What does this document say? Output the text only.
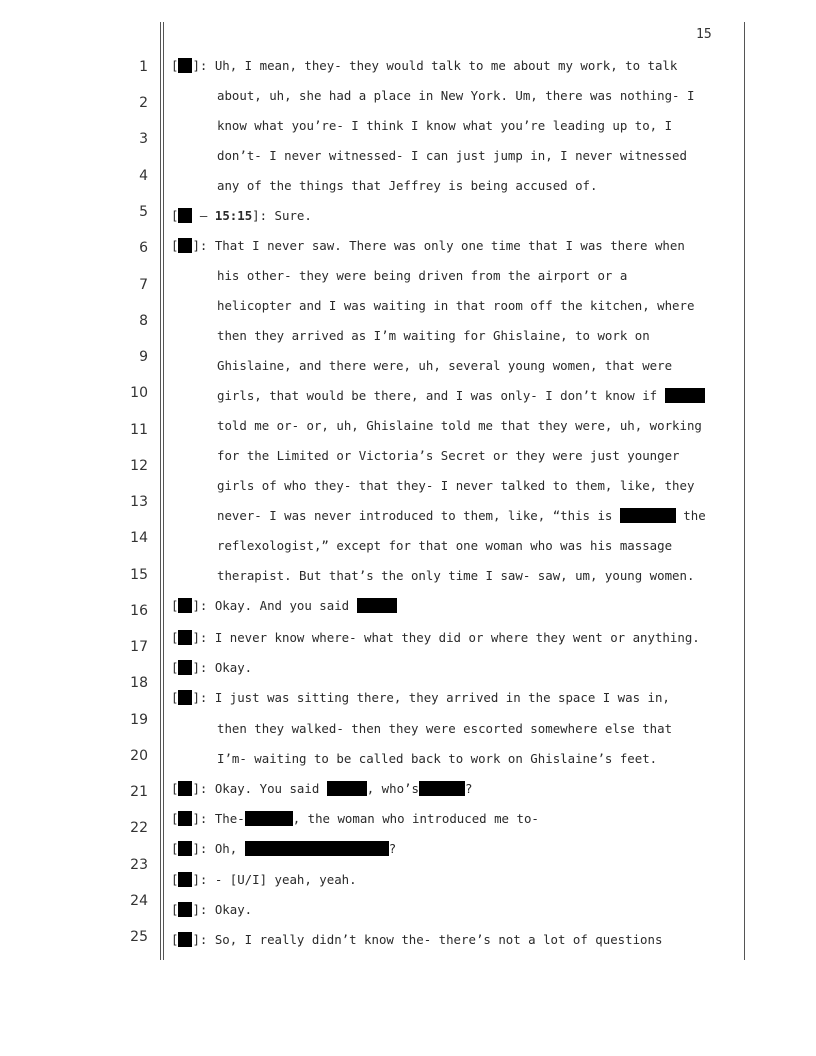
15
1
2
3
4
5
6
7
8
9
10
11
12
13
14
15
16
17
18
19
20
21
22
23
24
25
[ ]: Uh, I mean, they- they would talk to me about my work, to talk
about, uh, she had a place in New York. Um, there was nothing- I
know what you’re- I think I know what you’re leading up to, I
don’t- I never witnessed- I can just jump in, I never witnessed
any of the things that Jeffrey is being accused of.
[ – 15:15]: Sure.
[ ]: That I never saw. There was only one time that I was there when
his other- they were being driven from the airport or a
helicopter and I was waiting in that room off the kitchen, where
then they arrived as I’m waiting for Ghislaine, to work on
Ghislaine, and there were, uh, several young women, that were
girls, that would be there, and I was only- I don’t know if
told me or- or, uh, Ghislaine told me that they were, uh, working
for the Limited or Victoria’s Secret or they were just younger
girls of who they- that they- I never talked to them, like, they
never- I was never introduced to them, like, “this is	the
reflexologist,” except for that one woman who was his massage
therapist. But that’s the only time I saw- saw, um, young women.
[ ]: Okay. And you said
[ ]: I never know where- what they did or where they went or anything.
[ ]: Okay.
[ ]: I just was sitting there, they arrived in the space I was in,
then they walked- then they were escorted somewhere else that
I’m- waiting to be called back to work on Ghislaine’s feet.
[ ]: Okay. You said	, who’s	?
[ ]: The-	, the woman who introduced me to-
[ ]: Oh,	?
[ ]: - [U/I] yeah, yeah.
[ ]: Okay.
[ ]: So, I really didn’t know the- there’s not a lot of questions
